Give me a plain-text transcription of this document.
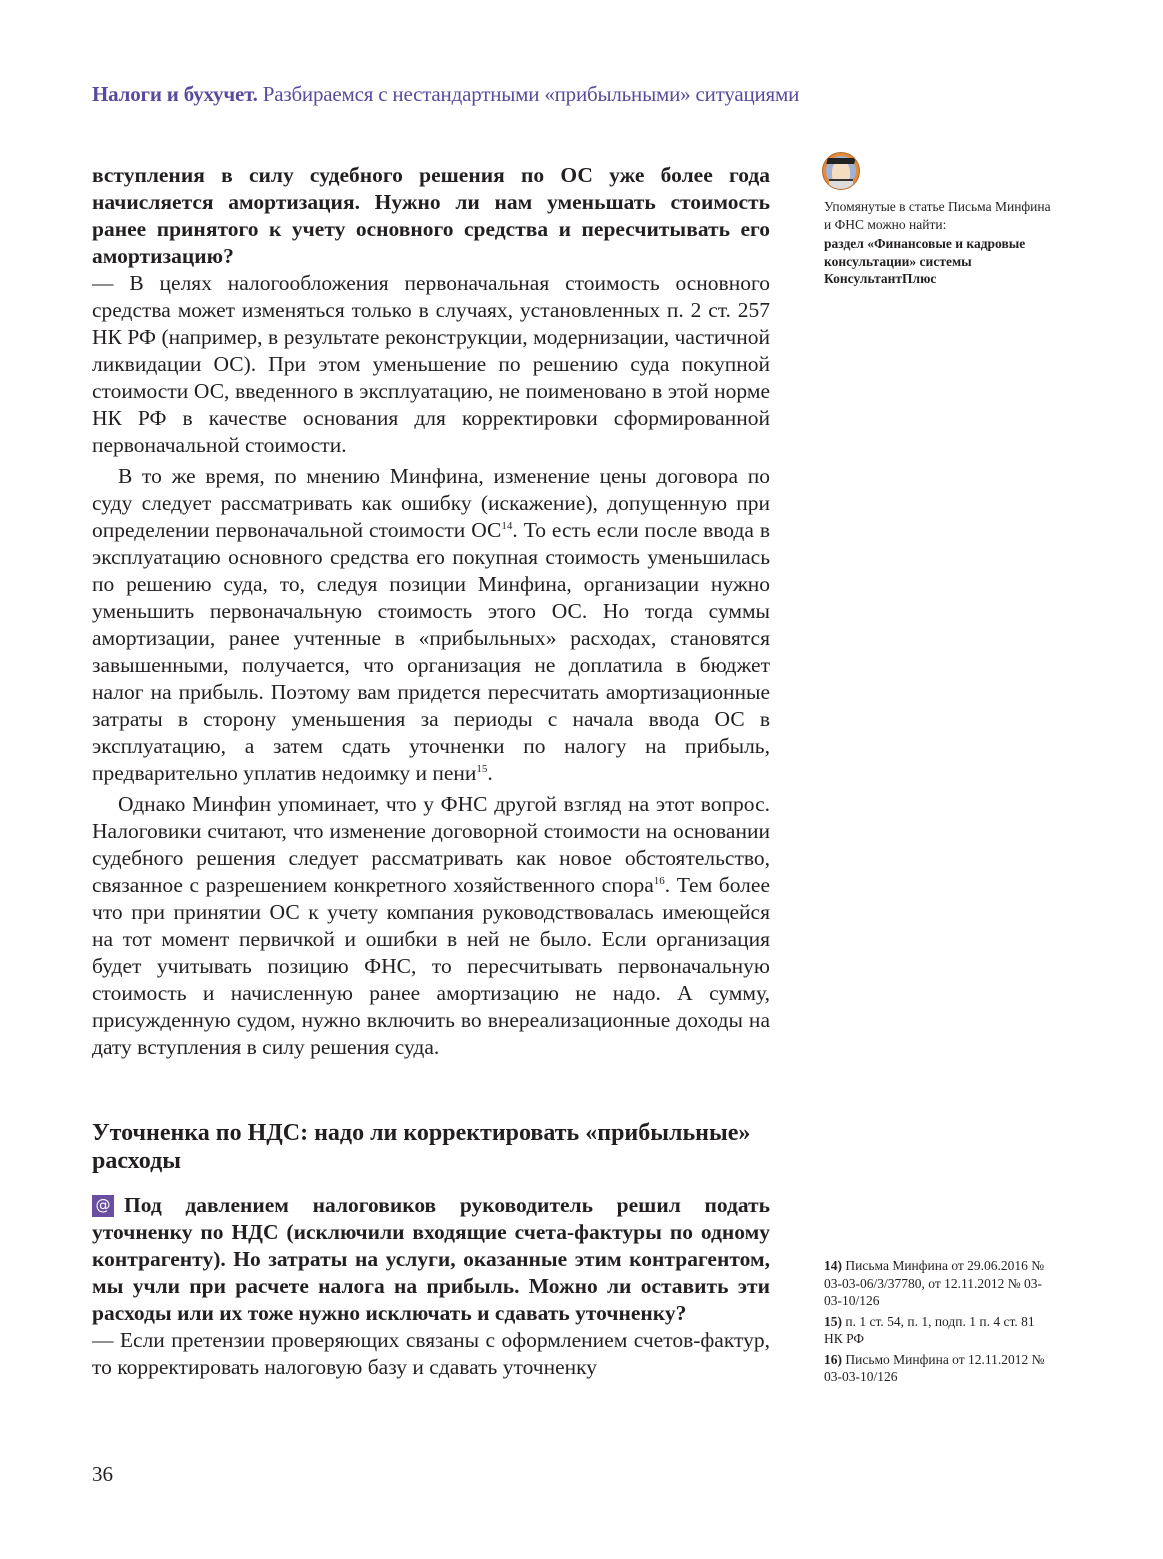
Налоги и бухучет. Разбираемся с нестандартными «прибыльными» ситуациями

вступления в силу судебного решения по ОС уже более года начисляется амортизация. Нужно ли нам уменьшать стоимость ранее принятого к учету основного средства и пересчитывать его амортизацию?

— В целях налогообложения первоначальная стоимость основного средства может изменяться только в случаях, установленных п. 2 ст. 257 НК РФ (например, в результате реконструкции, модернизации, частичной ликвидации ОС). При этом уменьшение по решению суда покупной стоимости ОС, введенного в эксплуатацию, не поименовано в этой норме НК РФ в качестве основания для корректировки сформированной первоначальной стоимости.

В то же время, по мнению Минфина, изменение цены договора по суду следует рассматривать как ошибку (искажение), допущенную при определении первоначальной стоимости ОС$^{14}$. То есть если после ввода в эксплуатацию основного средства его покупная стоимость уменьшилась по решению суда, то, следуя позиции Минфина, организации нужно уменьшить первоначальную стоимость этого ОС. Но тогда суммы амортизации, ранее учтенные в «прибыльных» расходах, становятся завышенными, получается, что организация не доплатила в бюджет налог на прибыль. Поэтому вам придется пересчитать амортизационные затраты в сторону уменьшения за периоды с начала ввода ОС в эксплуатацию, а затем сдать уточненки по налогу на прибыль, предварительно уплатив недоимку и пени$^{15}$.

Однако Минфин упоминает, что у ФНС другой взгляд на этот вопрос. Налоговики считают, что изменение договорной стоимости на основании судебного решения следует рассматривать как новое обстоятельство, связанное с разрешением конкретного хозяйственного спора$^{16}$. Тем более что при принятии ОС к учету компания руководствовалась имеющейся на тот момент первичкой и ошибки в ней не было. Если организация будет учитывать позицию ФНС, то пересчитывать первоначальную стоимость и начисленную ранее амортизацию не надо. А сумму, присужденную судом, нужно включить во внереализационные доходы на дату вступления в силу решения суда.

Уточненка по НДС: надо ли корректировать «прибыльные» расходы

@ Под давлением налоговиков руководитель решил подать уточненку по НДС (исключили входящие счета-фактуры по одному контрагенту). Но затраты на услуги, оказанные этим контрагентом, мы учли при расчете налога на прибыль. Можно ли оставить эти расходы или их тоже нужно исключать и сдавать уточненку?

— Если претензии проверяющих связаны с оформлением счетов-фактур, то корректировать налоговую базу и сдавать уточненку

Упомянутые в статье Письма Минфина и ФНС можно найти:
раздел «Финансовые и кадровые консультации» системы КонсультантПлюс
14) Письма Минфина от 29.06.2016 № 03-03-06/3/37780, от 12.11.2012 № 03-03-10/126
15) п. 1 ст. 54, п. 1, подп. 1 п. 4 ст. 81 НК РФ
16) Письмо Минфина от 12.11.2012 № 03-03-10/126
36
